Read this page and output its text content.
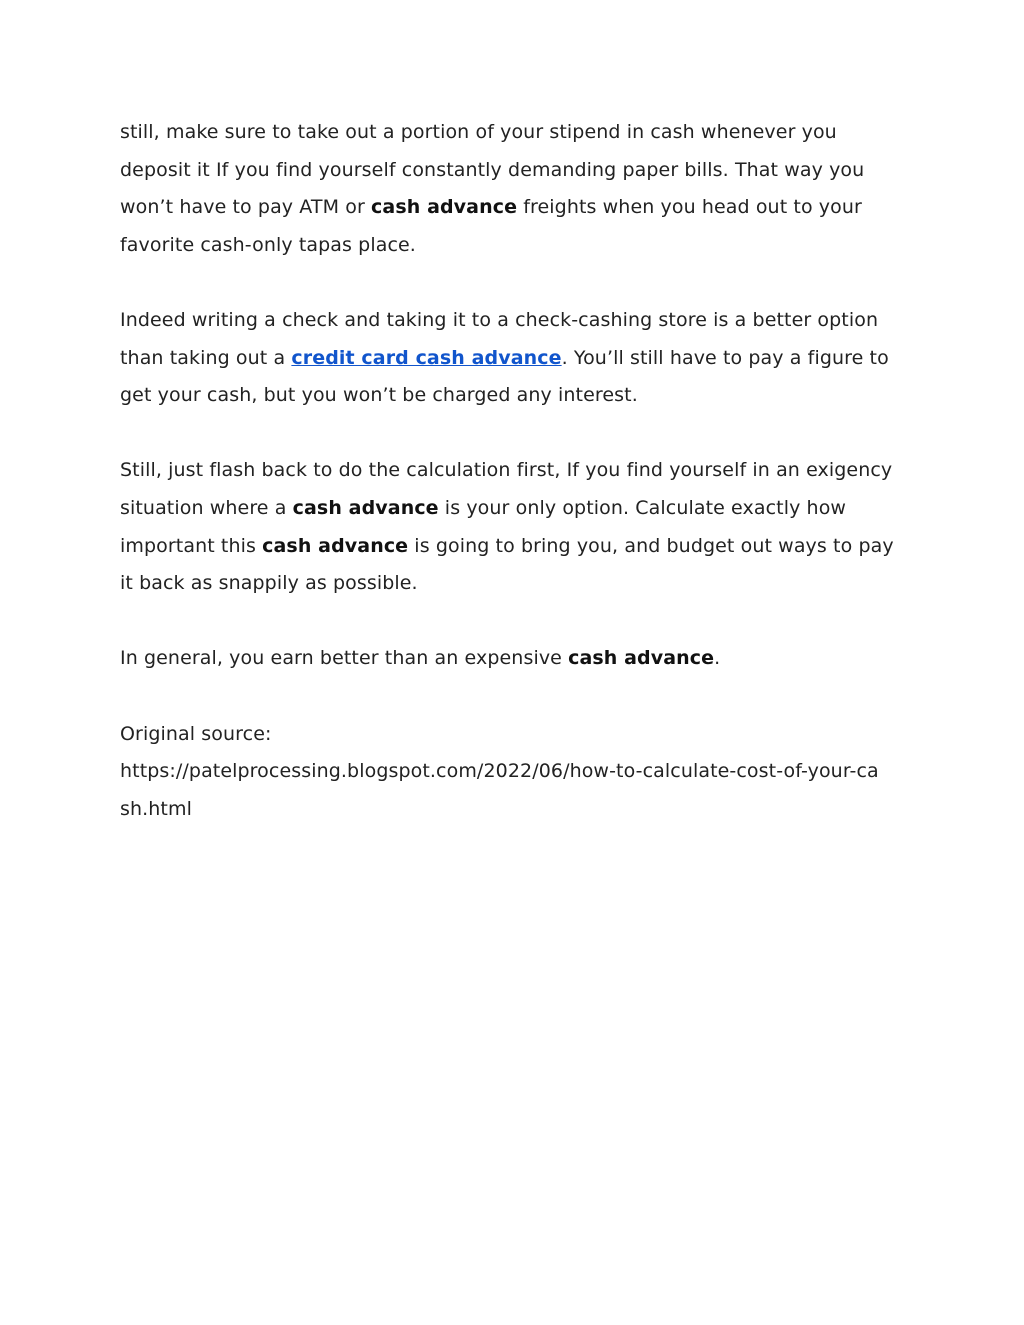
still, make sure to take out a portion of your stipend in cash whenever you
deposit it If you find yourself constantly demanding paper bills. That way you
won’t have to pay ATM or cash advance freights when you head out to your
favorite cash-only tapas place.
Indeed writing a check and taking it to a check-cashing store is a better option
than taking out a credit card cash advance. You’ll still have to pay a figure to
get your cash, but you won’t be charged any interest.
Still, just flash back to do the calculation first, If you find yourself in an exigency
situation where a cash advance is your only option. Calculate exactly how
important this cash advance is going to bring you, and budget out ways to pay
it back as snappily as possible.
In general, you earn better than an expensive cash advance.
Original source:
https://patelprocessing.blogspot.com/2022/06/how-to-calculate-cost-of-your-ca
sh.html
